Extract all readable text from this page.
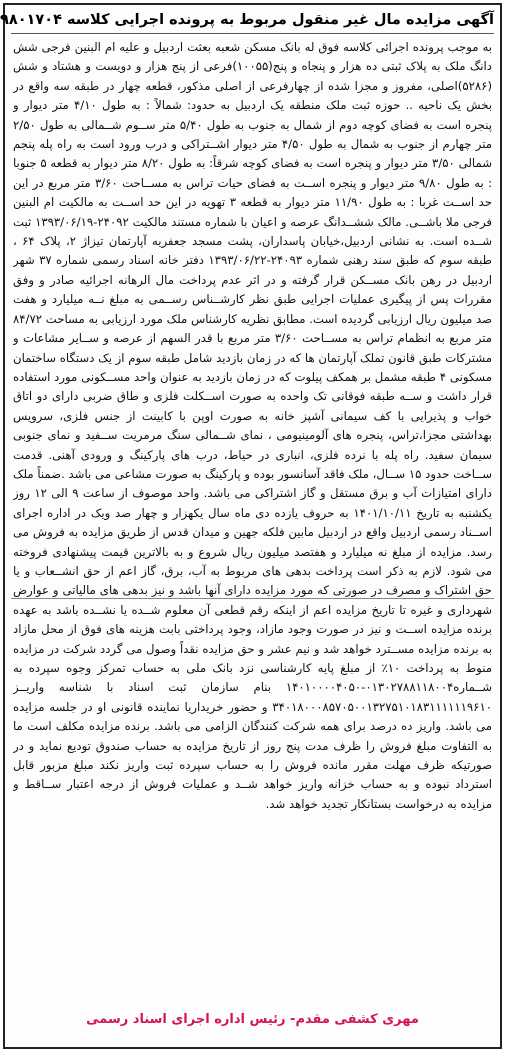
آگهی مزایده مال غیر منقول مربوط به پرونده اجرایی کلاسه ۹۸۰۱۷۰۴

به موجب پرونده اجرائی کلاسه فوق له بانک مسکن شعبه بعثت اردبیل و علیه ام البنین فرجی شش دانگ ملک به پلاک ثبتی ده هزار و پنجاه و پنج(۱۰۰۵۵)فرعی از پنج هزار و دویست و هشتاد و شش (۵۲۸۶)اصلی، مفروز و مجزا شده از چهارفرعی از اصلی مذکور، قطعه چهار در طبقه سه واقع در بخش یک ناحیه .. حوزه ثبت ملک منطقه یک اردبیل به حدود: شمالاً : به طول ۴/۱۰ متر دیوار و پنجره است به فضای کوچه دوم از شمال به جنوب به طول ۵/۴۰ متر ســوم شــمالی به طول ۲/۵۰ متر چهارم از جنوب به شمال به طول ۴/۵۰ متر دیوار اشــتراکی و درب ورود است به راه پله پنجم شمالی ۳/۵۰ متر دیوار و پنجره است به فضای کوچه شرقاً: به طول ۸/۲۰ متر دیوار به قطعه ۵ جنوبا : به طول ۹/۸۰ متر دیوار و پنجره اســت به فضای حیات تراس به مســاحت ۳/۶۰ متر مربع در این حد اســت غربا : به طول ۱۱/۹۰ متر دیوار به قطعه ۳ تهویه در این حد اســت به مالکیت ام البنین فرجی ملا باشــی. مالک ششــدانگ عرصه و اعیان با شماره مستند مالکیت ۲۴۰۹۲-۱۳۹۳/۰۶/۱۹ ثبت شــده است. به نشانی اردبیل،خیابان پاسداران، پشت مسجد جعفریه آپارتمان تیزاژ ۲، پلاک ۶۴ ، طبقه سوم که طبق سند رهنی شماره ۲۴۰۹۳-۱۳۹۳/۰۶/۲۲ دفتر خانه اسناد رسمی شماره ۳۷ شهر اردبیل در رهن بانک مســکن قرار گرفته و در اثر عدم پرداخت مال الرهانه اجرائیه صادر و وفق مقررات پس از پیگیری عملیات اجرایی طبق نظر کارشــناس رســمی به مبلغ نــه میلیارد و هفت صد میلیون ریال ارزیابی گردیده است. مطابق نظریه کارشناس ملک مورد ارزیابی به مساحت ۸۴/۷۲ متر مربع به انظمام تراس به مســاحت ۳/۶۰ متر مربع با قدر السهم از عرصه و ســایر مشاعات و مشترکات طبق قانون تملک آپارتمان ها که در زمان بازدید شامل طبقه سوم از یک دستگاه ساختمان مسکونی ۴ طبقه مشمل بر همکف پیلوت که در زمان بازدید به عنوان واحد مســکونی مورد استفاده قرار داشت و ســه طبقه فوقانی تک واحده به صورت اســکلت فلزی و طاق ضربی دارای دو اتاق خواب و پذیرایی با کف سیمانی آشپز خانه به صورت اوپن با کابینت از جنس فلزی، سرویس بهداشتی مجزا،تراس، پنجره های آلومینیومی ، نمای شــمالی سنگ مرمریت ســفید و نمای جنوبی سیمان سفید. راه پله با نرده فلزی، انباری در حیاط، درب های پارکینگ و ورودی آهنی. قدمت ســاخت حدود ۱۵ ســال، ملک فاقد آسانسور بوده و پارکینگ به صورت مشاعی می باشد .ضمناً ملک دارای امتیازات آب و برق مستقل و گاز اشتراکی می باشد. واحد موصوف از ساعت ۹ الی ۱۲ روز یکشنبه به تاریخ ۱۴۰۱/۱۰/۱۱ به حروف یازده دی ماه سال یکهزار و چهار صد ویک در اداره اجرای اســناد رسمی اردبیل واقع در اردبیل مابین فلکه جهین و میدان قدس از طریق مزایده به فروش می رسد. مزایده از مبلغ نه میلیارد و هفتصد میلیون ریال شروع و به بالاترین قیمت پیشنهادی فروخته می شود. لازم به ذکر است پرداخت بدهی های مربوط به آب، برق، گاز اعم از حق انشــعاب و یا حق اشتراک و مصرف در صورتی که مورد مزایده دارای آنها باشد و نیز بدهی های مالیاتی و عوارض شهرداری و غیره تا تاریخ مزایده اعم از اینکه رقم قطعی آن معلوم شــده یا نشــده باشد به عهده برنده مزایده اســت و نیز در صورت وجود مازاد، وجود پرداختی بابت هزینه های فوق از محل مازاد به برنده مزایده مســترد خواهد شد و نیم عشر و حق مزایده نقداً وصول می گردد شرکت در مزایده منوط به پرداخت ۱۰٪ از مبلغ پایه کارشناسی نزد بانک ملی به حساب تمرکز وجوه سپرده به شــماره۰۱۳۰۲۷۸۸۱۱۸۰۰۴-۱۴۰۱۰۰۰۰۴۰۵۰ بنام سازمان ثبت اسناد با شناسه واریــز ۳۴۰۱۸۰۰۰۸۵۷۰۵۰۰۱۳۲۷۵۱۰۱۸۳۱۱۱۱۱۱۹۶۱۰ و حضور خریداریا نماینده قانونی او در جلسه مزایده می باشد. واریز ده درصد برای همه شرکت کنندگان الزامی می باشد. برنده مزایده مکلف است ما به التفاوت مبلغ فروش را ظرف مدت پنج روز از تاریخ مزایده به حساب صندوق تودیع نماید و در صورتیکه ظرف مهلت مقرر مانده فروش را به حساب سپرده ثبت واریز نکند مبلغ مزبور قابل استرداد نبوده و به حساب خزانه واریز خواهد شــد و عملیات فروش از درجه اعتبار ســاقط و مزایده به درخواست بستانکار تجدید خواهد شد.

مهری کشفی مقدم- رئیس اداره اجرای اسناد رسمی
